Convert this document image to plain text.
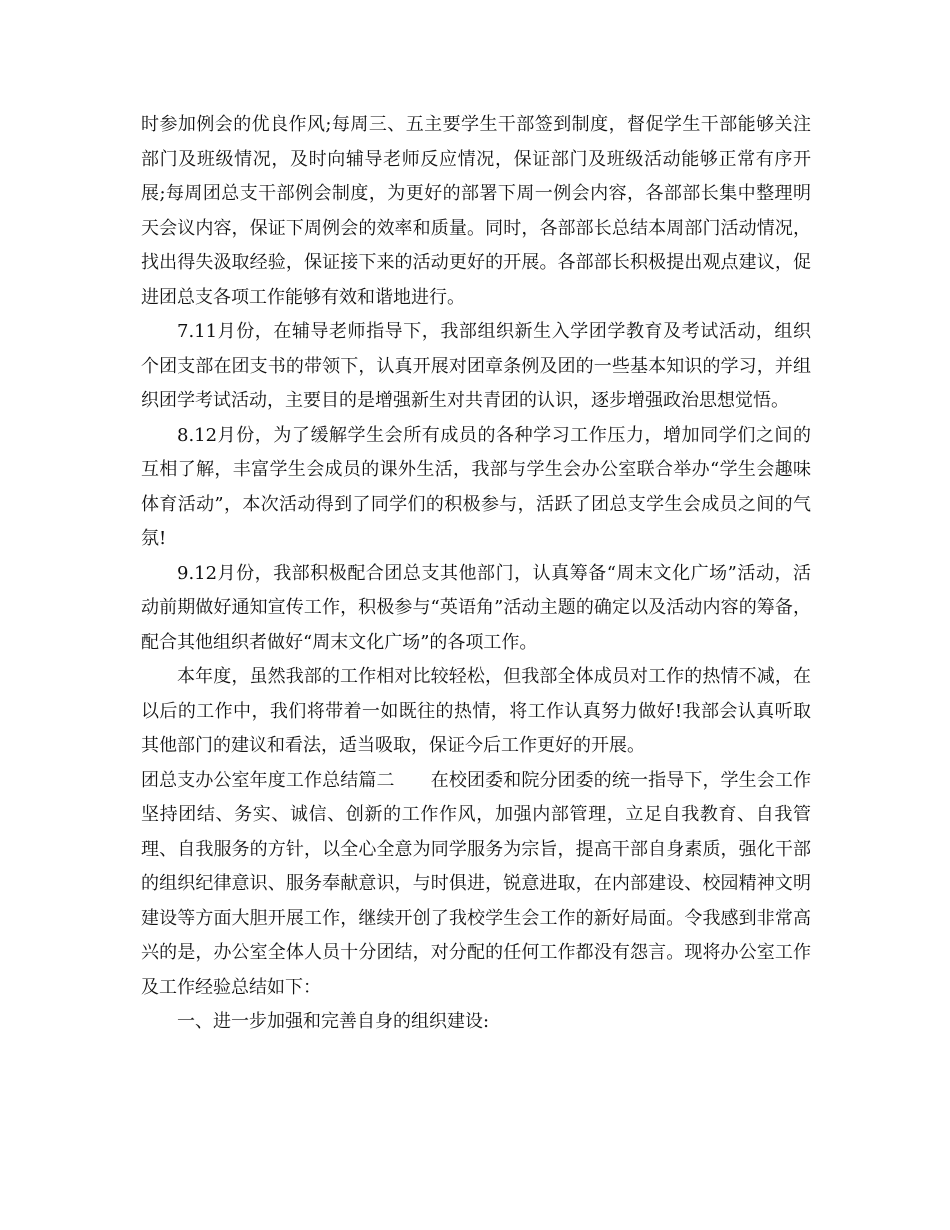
时参加例会的优良作风;每周三、五主要学生干部签到制度，督促学生干部能够关注部门及班级情况，及时向辅导老师反应情况，保证部门及班级活动能够正常有序开展;每周团总支干部例会制度，为更好的部署下周一例会内容，各部部长集中整理明天会议内容，保证下周例会的效率和质量。同时，各部部长总结本周部门活动情况，找出得失汲取经验，保证接下来的活动更好的开展。各部部长积极提出观点建议，促进团总支各项工作能够有效和谐地进行。

7.11月份，在辅导老师指导下，我部组织新生入学团学教育及考试活动，组织个团支部在团支书的带领下，认真开展对团章条例及团的一些基本知识的学习，并组织团学考试活动，主要目的是增强新生对共青团的认识，逐步增强政治思想觉悟。

8.12月份，为了缓解学生会所有成员的各种学习工作压力，增加同学们之间的互相了解，丰富学生会成员的课外生活，我部与学生会办公室联合举办“学生会趣味体育活动”，本次活动得到了同学们的积极参与，活跃了团总支学生会成员之间的气氛!

9.12月份，我部积极配合团总支其他部门，认真筹备“周末文化广场”活动，活动前期做好通知宣传工作，积极参与“英语角”活动主题的确定以及活动内容的筹备，配合其他组织者做好“周末文化广场”的各项工作。

本年度，虽然我部的工作相对比较轻松，但我部全体成员对工作的热情不减，在以后的工作中，我们将带着一如既往的热情，将工作认真努力做好!我部会认真听取其他部门的建议和看法，适当吸取，保证今后工作更好的开展。

团总支办公室年度工作总结篇二　　在校团委和院分团委的统一指导下，学生会工作坚持团结、务实、诚信、创新的工作作风，加强内部管理，立足自我教育、自我管理、自我服务的方针，以全心全意为同学服务为宗旨，提高干部自身素质，强化干部的组织纪律意识、服务奉献意识，与时俱进，锐意进取，在内部建设、校园精神文明建设等方面大胆开展工作，继续开创了我校学生会工作的新好局面。令我感到非常高兴的是，办公室全体人员十分团结，对分配的任何工作都没有怨言。现将办公室工作及工作经验总结如下：

一、进一步加强和完善自身的组织建设:
